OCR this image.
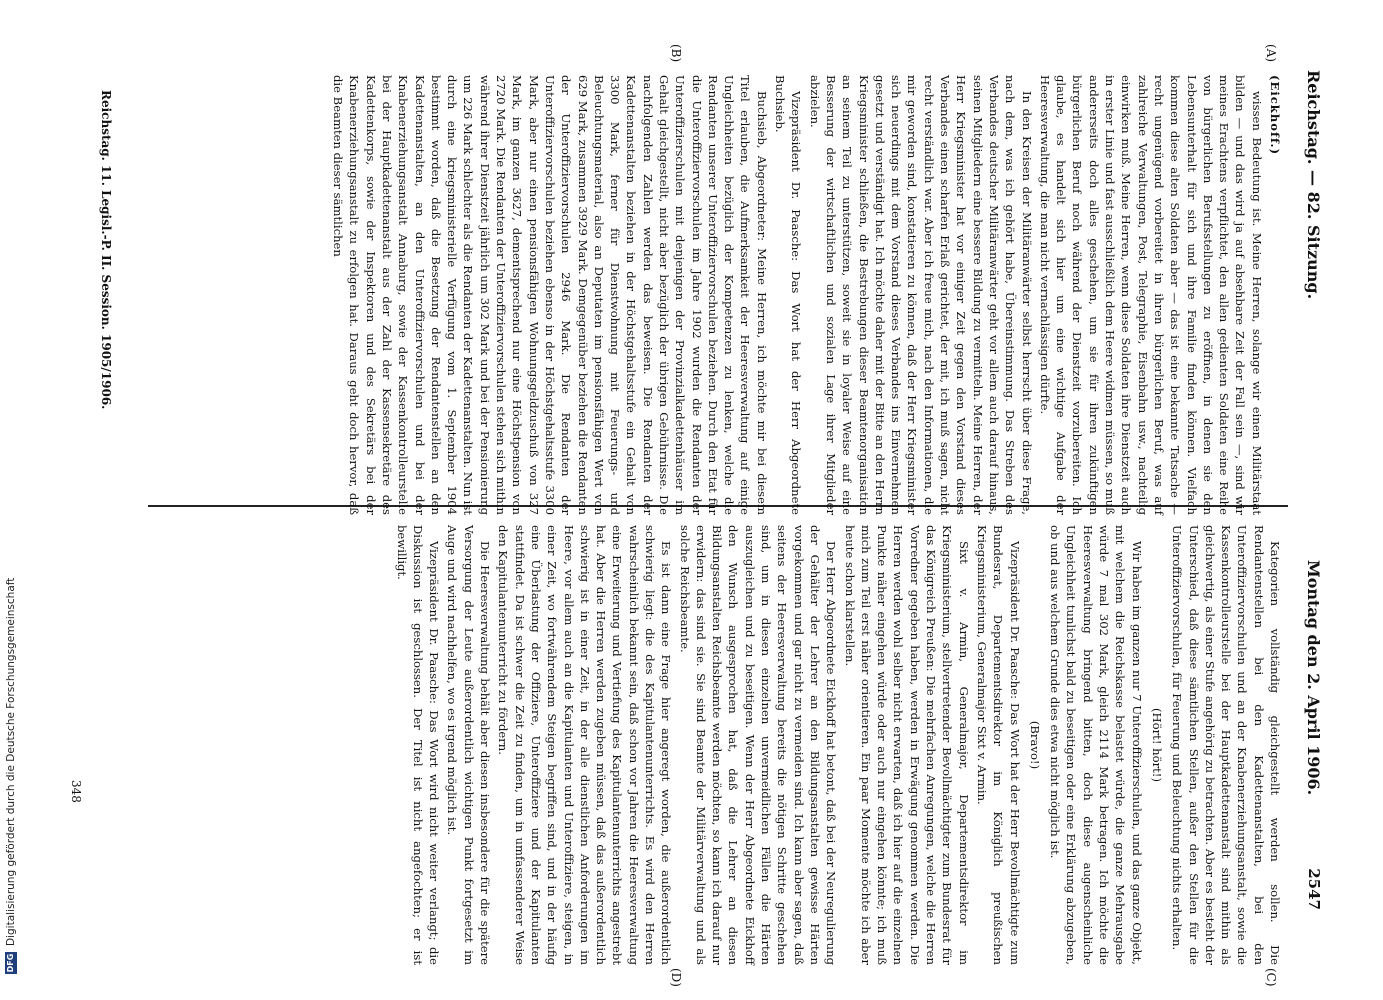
Reichstag. — 82. Sitzung.
Montag den 2. April 1906.
2547
(A)
(B)
(C)
(D)

(Eickhoff.)

wissen Bedeutung ist. Meine Herren, solange wir einen Militärstaat bilden — und das wird ja auf absehbare Zeit der Fall sein —, sind wir meines Erachtens verpflichtet, den allen gedienten Soldaten eine Reihe von bürgerlichen Berufsstellungen zu eröffnen, in denen sie den Lebensunterhalt für sich und ihre Familie finden können. Vielfach kommen diese alten Soldaten aber — das ist eine bekannte Tatsache — recht ungenügend vorbereitet in ihren bürgerlichen Beruf, was auf zahlreiche Verwaltungen, Post, Telegraphie, Eisenbahn usw., nachteilig einwirken muß. Meine Herren, wenn diese Soldaten ihre Dienstzeit auch in erster Linie und fast ausschließlich dem Heere widmen müssen, so muß andererseits doch alles geschehen, um sie für ihren zukünftigen bürgerlichen Beruf noch während der Dienstzeit vorzubereiten. Ich glaube, es handelt sich hier um eine wichtige Aufgabe der Heeresverwaltung, die man nicht vernachlässigen dürfte.

In den Kreisen der Militäranwärter selbst herrscht über diese Frage, nach dem, was ich gehört habe, Übereinstimmung. Das Streben des Verbandes deutscher Militäranwärter geht vor allem auch darauf hinaus, seinen Mitgliedern eine bessere Bildung zu vermitteln. Meine Herren, der Herr Kriegsminister hat vor einiger Zeit gegen den Vorstand dieses Verbandes einen scharfen Erlaß gerichtet, der mit, ich muß sagen, nicht recht verständlich war. Aber ich freue mich, nach den Informationen, die mir geworden sind, konstatieren zu können, daß der Herr Kriegsminister sich neuerdings mit dem Vorstand dieses Verbandes ins Einvernehmen gesetzt und verständigt hat. Ich möchte daher mit der Bitte an den Herrn Kriegsminister schließen, die Bestrebungen dieser Beamtenorganisation an seinem Teil zu unterstützen, soweit sie in loyaler Weise auf eine Besserung der wirtschaftlichen und sozialen Lage ihrer Mitglieder abzielen.

Vizepräsident Dr. Paasche: Das Wort hat der Herr Abgeordnete Buchsieb.

Buchsieb, Abgeordneter: Meine Herren, ich möchte mir bei diesem Titel erlauben, die Aufmerksamkeit der Heeresverwaltung auf einige Ungleichheiten bezüglich der Kompetenzen zu lenken, welche die Rendanten unserer Unteroffiziervorschulen beziehen. Durch den Etat für die Unteroffiziervorschulen im Jahre 1902 wurden die Rendanten der Unteroffizierschulen mit denjenigen der Provinzialkadettenhäuser im Gehalt gleichgestellt, nicht aber bezüglich der übrigen Gebührnisse. Die nachfolgenden Zahlen werden das beweisen. Die Rendanten der Kadettenanstalten beziehen in der Höchstgehaltsstufe ein Gehalt von 3300 Mark, ferner für Dienstwohnung mit Feuerungs- und Beleuchtungsmaterial, also an Deputaten im pensionsfähigen Wert von 629 Mark, zusammen 3929 Mark. Demgegenüber beziehen die Rendanten der Unteroffiziervorschulen 2946 Mark. Die Rendanten der Unteroffiziervorschulen beziehen ebenso in der Höchstgehaltsstufe 3300 Mark, aber nur einen pensionsfähigen Wohnungsgeldzuschuß von 327 Mark, im ganzen 3627, dementsprechend nur eine Höchstpension von 2720 Mark. Die Rendanten der Unteroffiziervorschulen stehen sich mithin während ihrer Dienstzeit jährlich um 302 Mark und bei der Pensionierung um 226 Mark schlechter als die Rendanten der Kadettenanstalten. Nun ist durch eine kriegsministerielle Verfügung vom 1. September 1904 bestimmt worden, daß die Besetzung der Rendantenstellen an den Kadettenanstalten, an den Unteroffiziervorschulen und bei der Knabenerziehungsanstalt Annaburg, sowie der Kassenkontrolleurstelle bei der Hauptkadettenanstalt aus der Zahl der Kassensekretäre des Kadettenkorps, sowie der Inspektoren und des Sekretärs bei der Knabenerziehungsanstalt zu erfolgen hat. Daraus geht doch hervor, daß die Beamten dieser sämtlichen

Kategorien vollständig gleichgestellt werden sollen. Die Rendantenstellen bei den Kadettenanstalten, bei den Unteroffiziervorschulen und an der Knabenerziehungsanstalt, sowie die Kassenkontrolleurstelle bei der Hauptkadettenanstalt sind mithin als gleichwertig, als einer Stufe angehörig zu betrachten. Aber es besteht der Unterschied, daß diese sämtlichen Stellen, außer den Stellen für die Unteroffiziervorschulen, für Feuerung und Beleuchtung nichts erhalten.

(Hört! hört!)

Wir haben im ganzen nur 7 Unteroffizierschulen, und das ganze Objekt, mit welchem die Reichskasse belastet würde, die ganze Mehrausgabe würde 7 mal 302 Mark, gleich 2114 Mark betragen. Ich möchte die Heeresverwaltung bringend bitten, doch diese augenscheinliche Ungleichheit tunlichst bald zu beseitigen oder eine Erklärung abzugeben, ob und aus welchem Grunde dies etwa nicht möglich ist.

(Bravo!)

Vizepräsident Dr. Paasche: Das Wort hat der Herr Bevollmächtigte zum Bundesrat, Departementsdirektor im Königlich preußischen Kriegsministerium, Generalmajor Sixt v. Armin.

Sixt v. Armin, Generalmajor, Departementsdirektor im Kriegsministerium, stellvertretender Bevollmächtigter zum Bundesrat für das Königreich Preußen: Die mehrfachen Anregungen, welche die Herren Vorredner gegeben haben, werden in Erwägung genommen werden. Die Herren werden wohl selber nicht erwarten, daß ich hier auf die einzelnen Punkte näher eingehen würde oder auch nur eingehen könnte; ich muß mich zum Teil erst näher orientieren. Ein paar Momente möchte ich aber heute schon klarstellen.

Der Herr Abgeordnete Eickhoff hat betont, daß bei der Neuregulierung der Gehälter der Lehrer an den Bildungsanstalten gewisse Härten vorgekommen und gar nicht zu vermeiden sind. Ich kann aber sagen, daß seitens der Heeresverwaltung bereits die nötigen Schritte geschehen sind, um in diesen einzelnen unvermeidlichen Fällen die Härten auszugleichen und zu beseitigen. Wenn der Herr Abgeordnete Eickhoff den Wunsch ausgesprochen hat, daß die Lehrer an diesen Bildungsanstalten Reichsbeamte werden möchten, so kann ich darauf nur erwidern: das sind sie. Sie sind Beamte der Militärverwaltung und als solche Reichsbeamte.

Es ist dann eine Frage hier angeregt worden, die außerordentlich schwierig liegt: die des Kapitulantenunterrichts. Es wird den Herren wahrscheinlich bekannt sein, daß schon vor Jahren die Heeresverwaltung eine Erweiterung und Vertiefung des Kapitulantenunterrichts angestrebt hat. Aber die Herren werden zugeben müssen, daß das außerordentlich schwierig ist in einer Zeit, in der alle dienstlichen Anforderungen im Heere, vor allem auch an die Kapitulanten und Unteroffiziere, steigen, in einer Zeit, wo fortwährendem Steigen begriffen sind, und in der häufig eine Überlastung der Offiziere, Unteroffiziere und der Kapitulanten stattfindet. Da ist schwer die Zeit zu finden, um in umfassenderer Weise den Kapitulantenunterricht zu fördern.

Die Heeresverwaltung behält aber diesen insbesondere für die spätere Versorgung der Leute außerordentlich wichtigen Punkt fortgesetzt im Auge und wird nachhelfen, wo es irgend möglich ist.

Vizepräsident Dr. Paasche: Das Wort wird nicht weiter verlangt; die Diskussion ist geschlossen. Der Titel ist nicht angefochten; er ist bewilligt.

Reichstag. 11. Legisl.-P. II. Session. 1905/1906.
348
DFG
Digitalisierung gefördert durch die Deutsche Forschungsgemeinschaft
